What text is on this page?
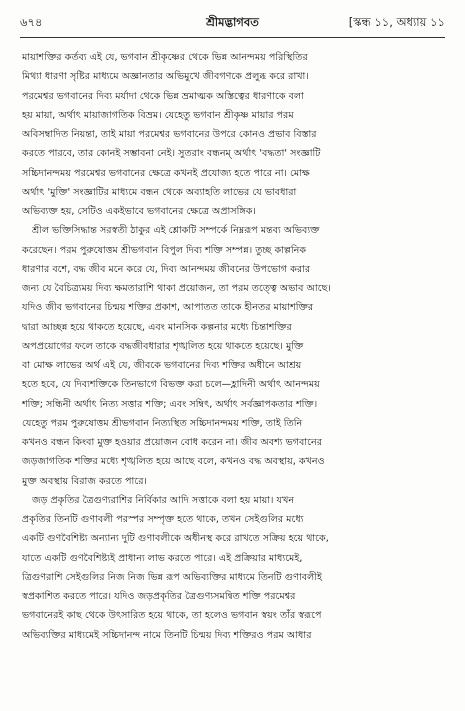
৬৭৪	শ্রীমদ্ভাগবত	[স্কন্ধ ১১, অধ্যায় ১১
মায়াশক্তির কর্তব্য এই যে, ভগবান শ্রীকৃষ্ণের থেকে ভিন্ন আনন্দময় পরিস্থিতির
মিথ্যা ধারণা সৃষ্টির মাধ্যমে অজ্ঞানতার অভিমুখে জীবগণকে প্রলুব্ধ করে রাখা।
পরমেশ্বর ভগবানের দিব্য মর্যাদা থেকে ভিন্ন ভ্রমাত্মক অস্তিত্বের ধারণাকে বলা
হয় মায়া, অর্থাৎ মায়াজাগতিক বিভ্রম। যেহেতু ভগবান শ্রীকৃষ্ণ মায়ার পরম
অবিসম্বাদিত নিয়ন্তা, তাই মায়া পরমেশ্বর ভগবানের উপরে কোনও প্রভাব বিস্তার
করতে পারবে, তার কোনই সম্ভাবনা নেই। সুতরাং বন্ধনম্ অর্থাৎ 'বদ্ধতা' সংজ্ঞাটি
সচ্চিদানন্দময় পরমেশ্বর ভগবানের ক্ষেত্রে কখনই প্রযোজ্য হতে পারে না। মোক্ষ
অর্থাৎ 'মুক্তি' সংজ্ঞাটির মাধ্যমে বন্ধন থেকে অব্যাহতি লাভের যে ভাবধারা
অভিব্যক্ত হয়, সেটিও একইভাবে ভগবানের ক্ষেত্রে অপ্রাসঙ্গিক।
শ্রীল ভক্তিসিদ্ধান্ত সরস্বতী ঠাকুর এই শ্লোকটি সম্পর্কে নিম্নরূপ মন্তব্য অভিব্যক্ত
করেছেন। পরম পুরুষোত্তম শ্রীভগবান বিপুল দিব্য শক্তি সম্পন্ন। তুচ্ছ কাল্পনিক
ধারণার বশে, বদ্ধ জীব মনে করে যে, দিব্য আনন্দময় জীবনের উপভোগ করার
জন্য যে বৈচিত্র্যময় দিব্য ক্ষমতারাশি থাকা প্রয়োজন, তা পরম তত্ত্বে অভাব আছে।
যদিও জীব ভগবানের চিন্ময় শক্তির প্রকাশ, আপাতত তাকে হীনতর মায়াশক্তির
দ্বারা আচ্ছন্ন হয়ে থাকতে হয়েছে, এবং মানসিক কল্পনার মধ্যে চিন্তাশক্তির
অপপ্রয়োগের ফলে তাকে বদ্ধজীবধারার শৃঙ্খলিত হয়ে থাকতে হয়েছে। মুক্তি
বা মোক্ষ লাভের অর্থ এই যে, জীবকে ভগবানের দিব্য শক্তির অধীনে আশ্রয়
হতে হবে, যে দিব্যশক্তিকে তিনভাগে বিভক্ত করা চলে—হ্লাদিনী অর্থাৎ আনন্দময়
শক্তি; সন্ধিনী অর্থাৎ নিত্য সত্তার শক্তি; এবং সম্বিৎ, অর্থাৎ সর্বজ্ঞাপকতার শক্তি।
যেহেতু পরম পুরুষোত্তম শ্রীভগবান নিত্যস্থিত সচ্চিদানন্দময় শক্তি, তাই তিনি
কখনও বন্ধন কিংবা মুক্ত হওয়ার প্রয়োজন বোধ করেন না। জীব অবশ্য ভগবানের
জড়জাগতিক শক্তির মধ্যে শৃঙ্খলিত হয়ে আছে বলে, কখনও বদ্ধ অবস্থায়, কখনও
মুক্ত অবস্থায় বিরাজ করতে পারে।
জড় প্রকৃতির ত্রৈগুণ্যরাশির নির্বিকার আদি সত্তাকে বলা হয় মায়া। যখন
প্রকৃতির তিনটি গুণাবলী পরস্পর সম্পৃক্ত হতে থাকে, তখন সেইগুলির মধ্যে
একটি গুণবৈশিষ্ট্য অন্যান্য দুটি গুণাবলীকে অধীনস্থ করে রাখতে সক্রিয় হয়ে থাকে,
যাতে একটি গুণবৈশিষ্ট্যই প্রাধান্য লাভ করতে পারে। এই প্রক্রিয়ার মাধ্যমেই,
ত্রিগুণরাশি সেইগুলির নিজ নিজ ভিন্ন রূপ অভিব্যক্তির মাধ্যমে তিনটি গুণাবলীই
স্বপ্রকাশিত করতে পারে। যদিও জড়প্রকৃতির ত্রৈগুণ্যসমন্বিত শক্তি পরমেশ্বর
ভগবানেরই কাছ থেকে উৎসারিত হয়ে থাকে, তা হলেও ভগবান স্বয়ং তাঁর স্বরূপে
অভিব্যক্তির মাধ্যমেই সচ্চিদানন্দ নামে তিনটি চিন্ময় দিব্য শক্তিরও পরম আধার
